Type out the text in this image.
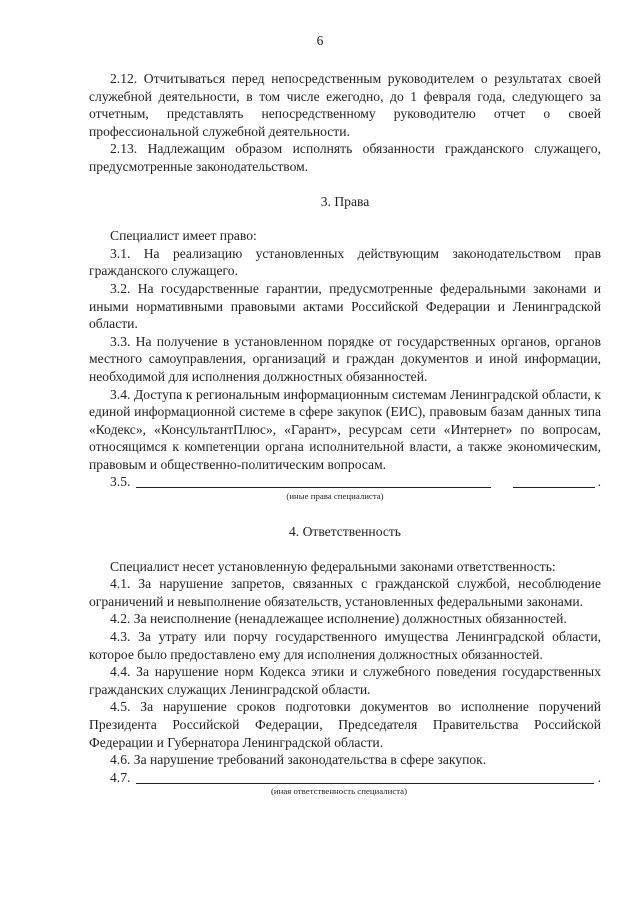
6

2.12. Отчитываться перед непосредственным руководителем о результатах своей служебной деятельности, в том числе ежегодно, до 1 февраля года, следующего за отчетным, представлять непосредственному руководителю отчет о своей профессиональной служебной деятельности.

2.13. Надлежащим образом исполнять обязанности гражданского служащего, предусмотренные законодательством.

3. Права

Специалист имеет право:

3.1. На реализацию установленных действующим законодательством прав гражданского служащего.

3.2. На государственные гарантии, предусмотренные федеральными законами и иными нормативными правовыми актами Российской Федерации и Ленинградской области.

3.3. На получение в установленном порядке от государственных органов, органов местного самоуправления, организаций и граждан документов и иной информации, необходимой для исполнения должностных обязанностей.

3.4. Доступа к региональным информационным системам Ленинградской области, к единой информационной системе в сфере закупок (ЕИС), правовым базам данных типа «Кодекс», «КонсультантПлюс», «Гарант», ресурсам сети «Интернет» по вопросам, относящимся к компетенции органа исполнительной власти, а также экономическим, правовым и общественно-политическим вопросам.

3.5.	.
(иные права специалиста)

4. Ответственность

Специалист несет установленную федеральными законами ответственность:

4.1. За нарушение запретов, связанных с гражданской службой, несоблюдение ограничений и невыполнение обязательств, установленных федеральными законами.

4.2. За неисполнение (ненадлежащее исполнение) должностных обязанностей.

4.3. За утрату или порчу государственного имущества Ленинградской области, которое было предоставлено ему для исполнения должностных обязанностей.

4.4. За нарушение норм Кодекса этики и служебного поведения государственных гражданских служащих Ленинградской области.

4.5. За нарушение сроков подготовки документов во исполнение поручений Президента Российской Федерации, Председателя Правительства Российской Федерации и Губернатора Ленинградской области.

4.6. За нарушение требований законодательства в сфере закупок.

4.7.	.
(иная ответственность специалиста)
